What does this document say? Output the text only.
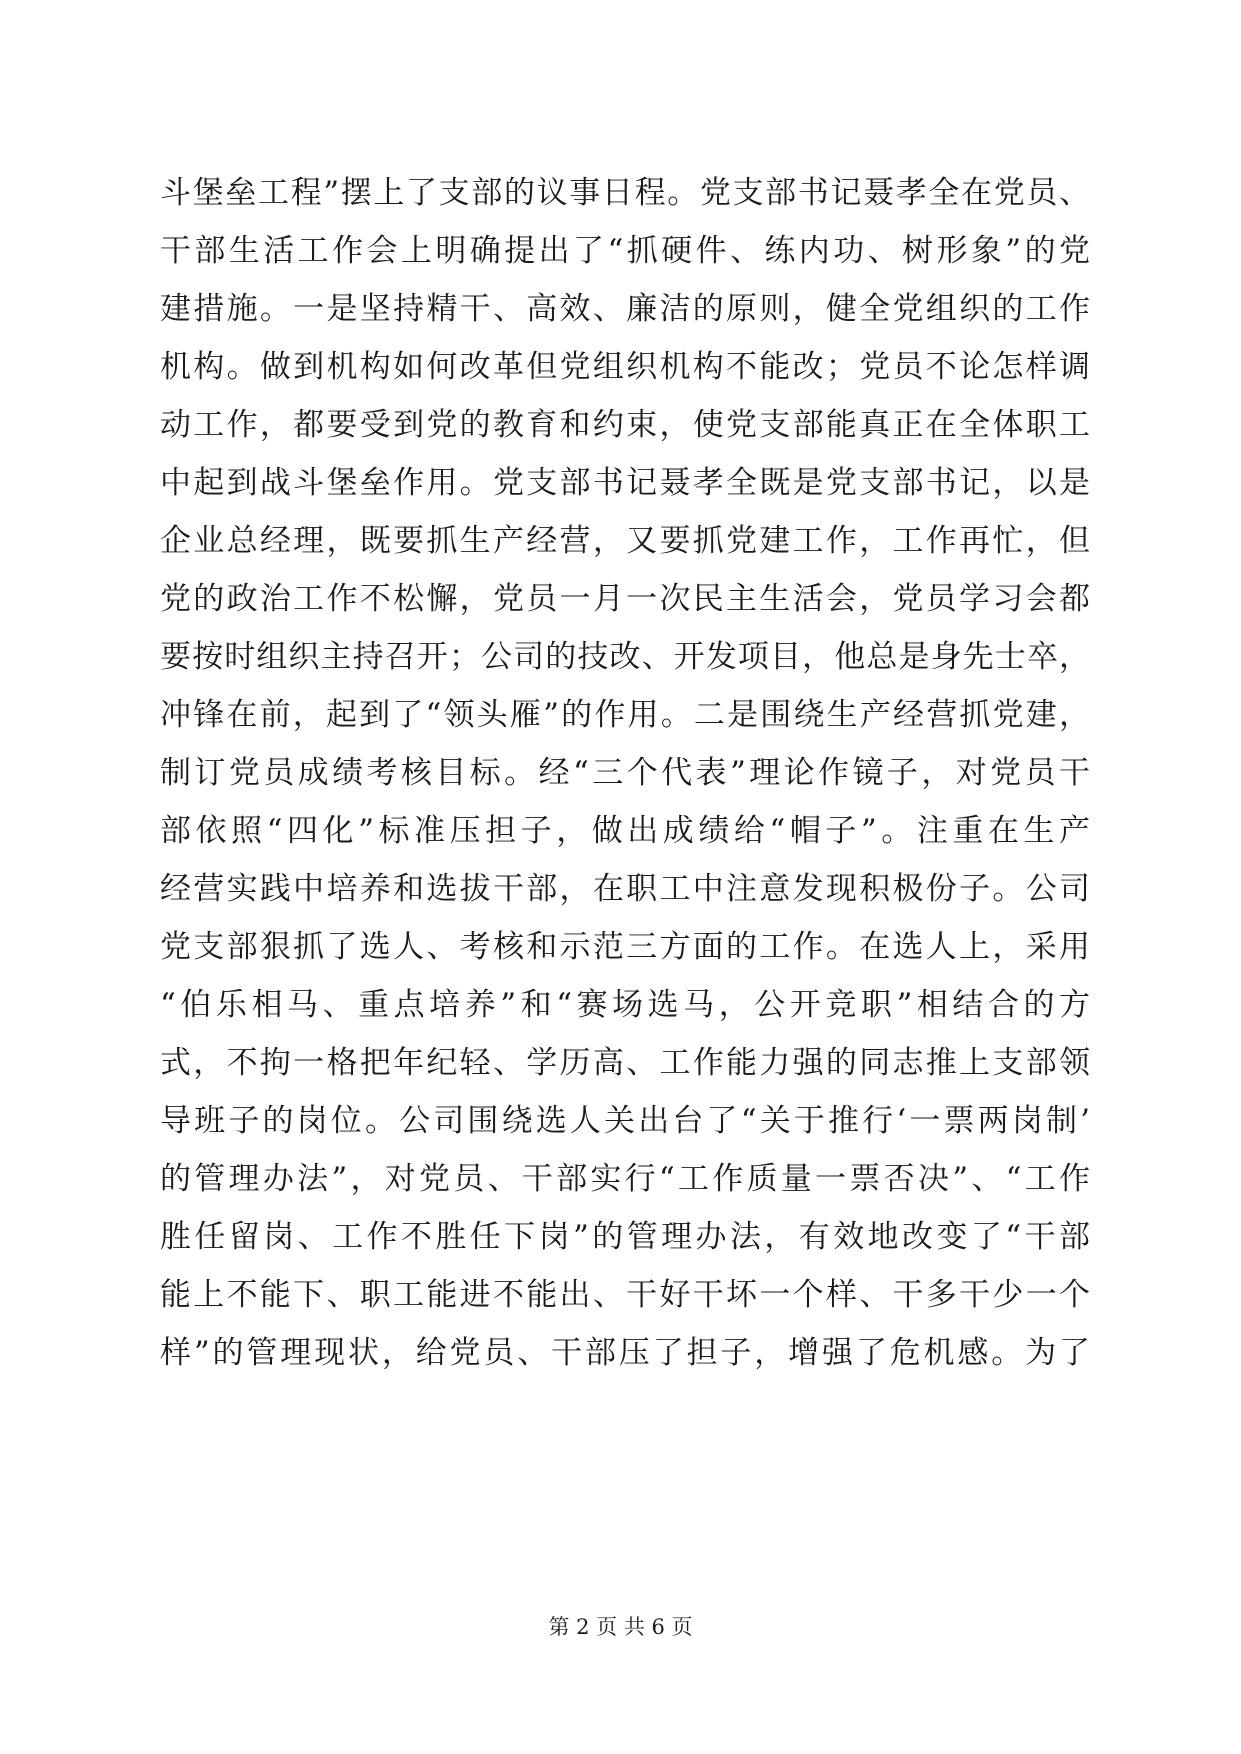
斗堡垒工程”摆上了支部的议事日程。党支部书记聂孝全在党员、
干部生活工作会上明确提出了“抓硬件、练内功、树形象”的党
建措施。一是坚持精干、高效、廉洁的原则，健全党组织的工作
机构。做到机构如何改革但党组织机构不能改；党员不论怎样调
动工作，都要受到党的教育和约束，使党支部能真正在全体职工
中起到战斗堡垒作用。党支部书记聂孝全既是党支部书记，以是
企业总经理，既要抓生产经营，又要抓党建工作，工作再忙，但
党的政治工作不松懈，党员一月一次民主生活会，党员学习会都
要按时组织主持召开；公司的技改、开发项目，他总是身先士卒，
冲锋在前，起到了“领头雁”的作用。二是围绕生产经营抓党建，
制订党员成绩考核目标。经“三个代表”理论作镜子，对党员干
部依照“四化”标准压担子，做出成绩给“帽子”。注重在生产
经营实践中培养和选拔干部，在职工中注意发现积极份子。公司
党支部狠抓了选人、考核和示范三方面的工作。在选人上，采用
“伯乐相马、重点培养”和“赛场选马，公开竞职”相结合的方
式，不拘一格把年纪轻、学历高、工作能力强的同志推上支部领
导班子的岗位。公司围绕选人关出台了“关于推行‘一票两岗制’
的管理办法”，对党员、干部实行“工作质量一票否决”、“工作
胜任留岗、工作不胜任下岗”的管理办法，有效地改变了“干部
能上不能下、职工能进不能出、干好干坏一个样、干多干少一个
样”的管理现状，给党员、干部压了担子，增强了危机感。为了
第 2 页 共 6 页
